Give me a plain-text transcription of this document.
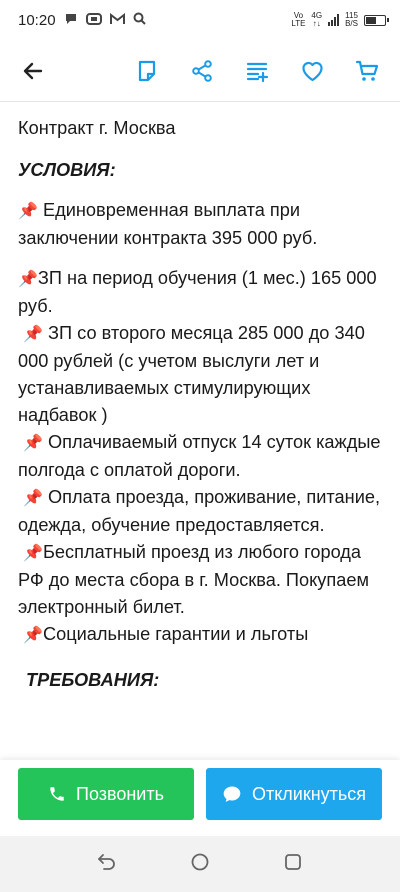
10:20	Vo
LTE
4G
↑↓
115
B/S

Контракт г. Москва

УСЛОВИЯ:

📌 Единовременная выплата при заключении контракта 395 000 руб.

📌ЗП на период обучения (1 мес.) 165 000 руб.

📌 ЗП со второго месяца 285 000 до 340 000 рублей (с учетом выслуги лет и устанавливаемых стимулирующих надбавок )

📌 Оплачиваемый отпуск 14 суток каждые полгода с оплатой дороги.

📌 Оплата проезда, проживание, питание, одежда, обучение предоставляется.

📌Бесплатный проезд из любого города РФ до места сбора в г. Москва. Покупаем электронный билет.

📌Социальные гарантии и льготы

ТРЕБОВАНИЯ:

Позвонить	Откликнуться
